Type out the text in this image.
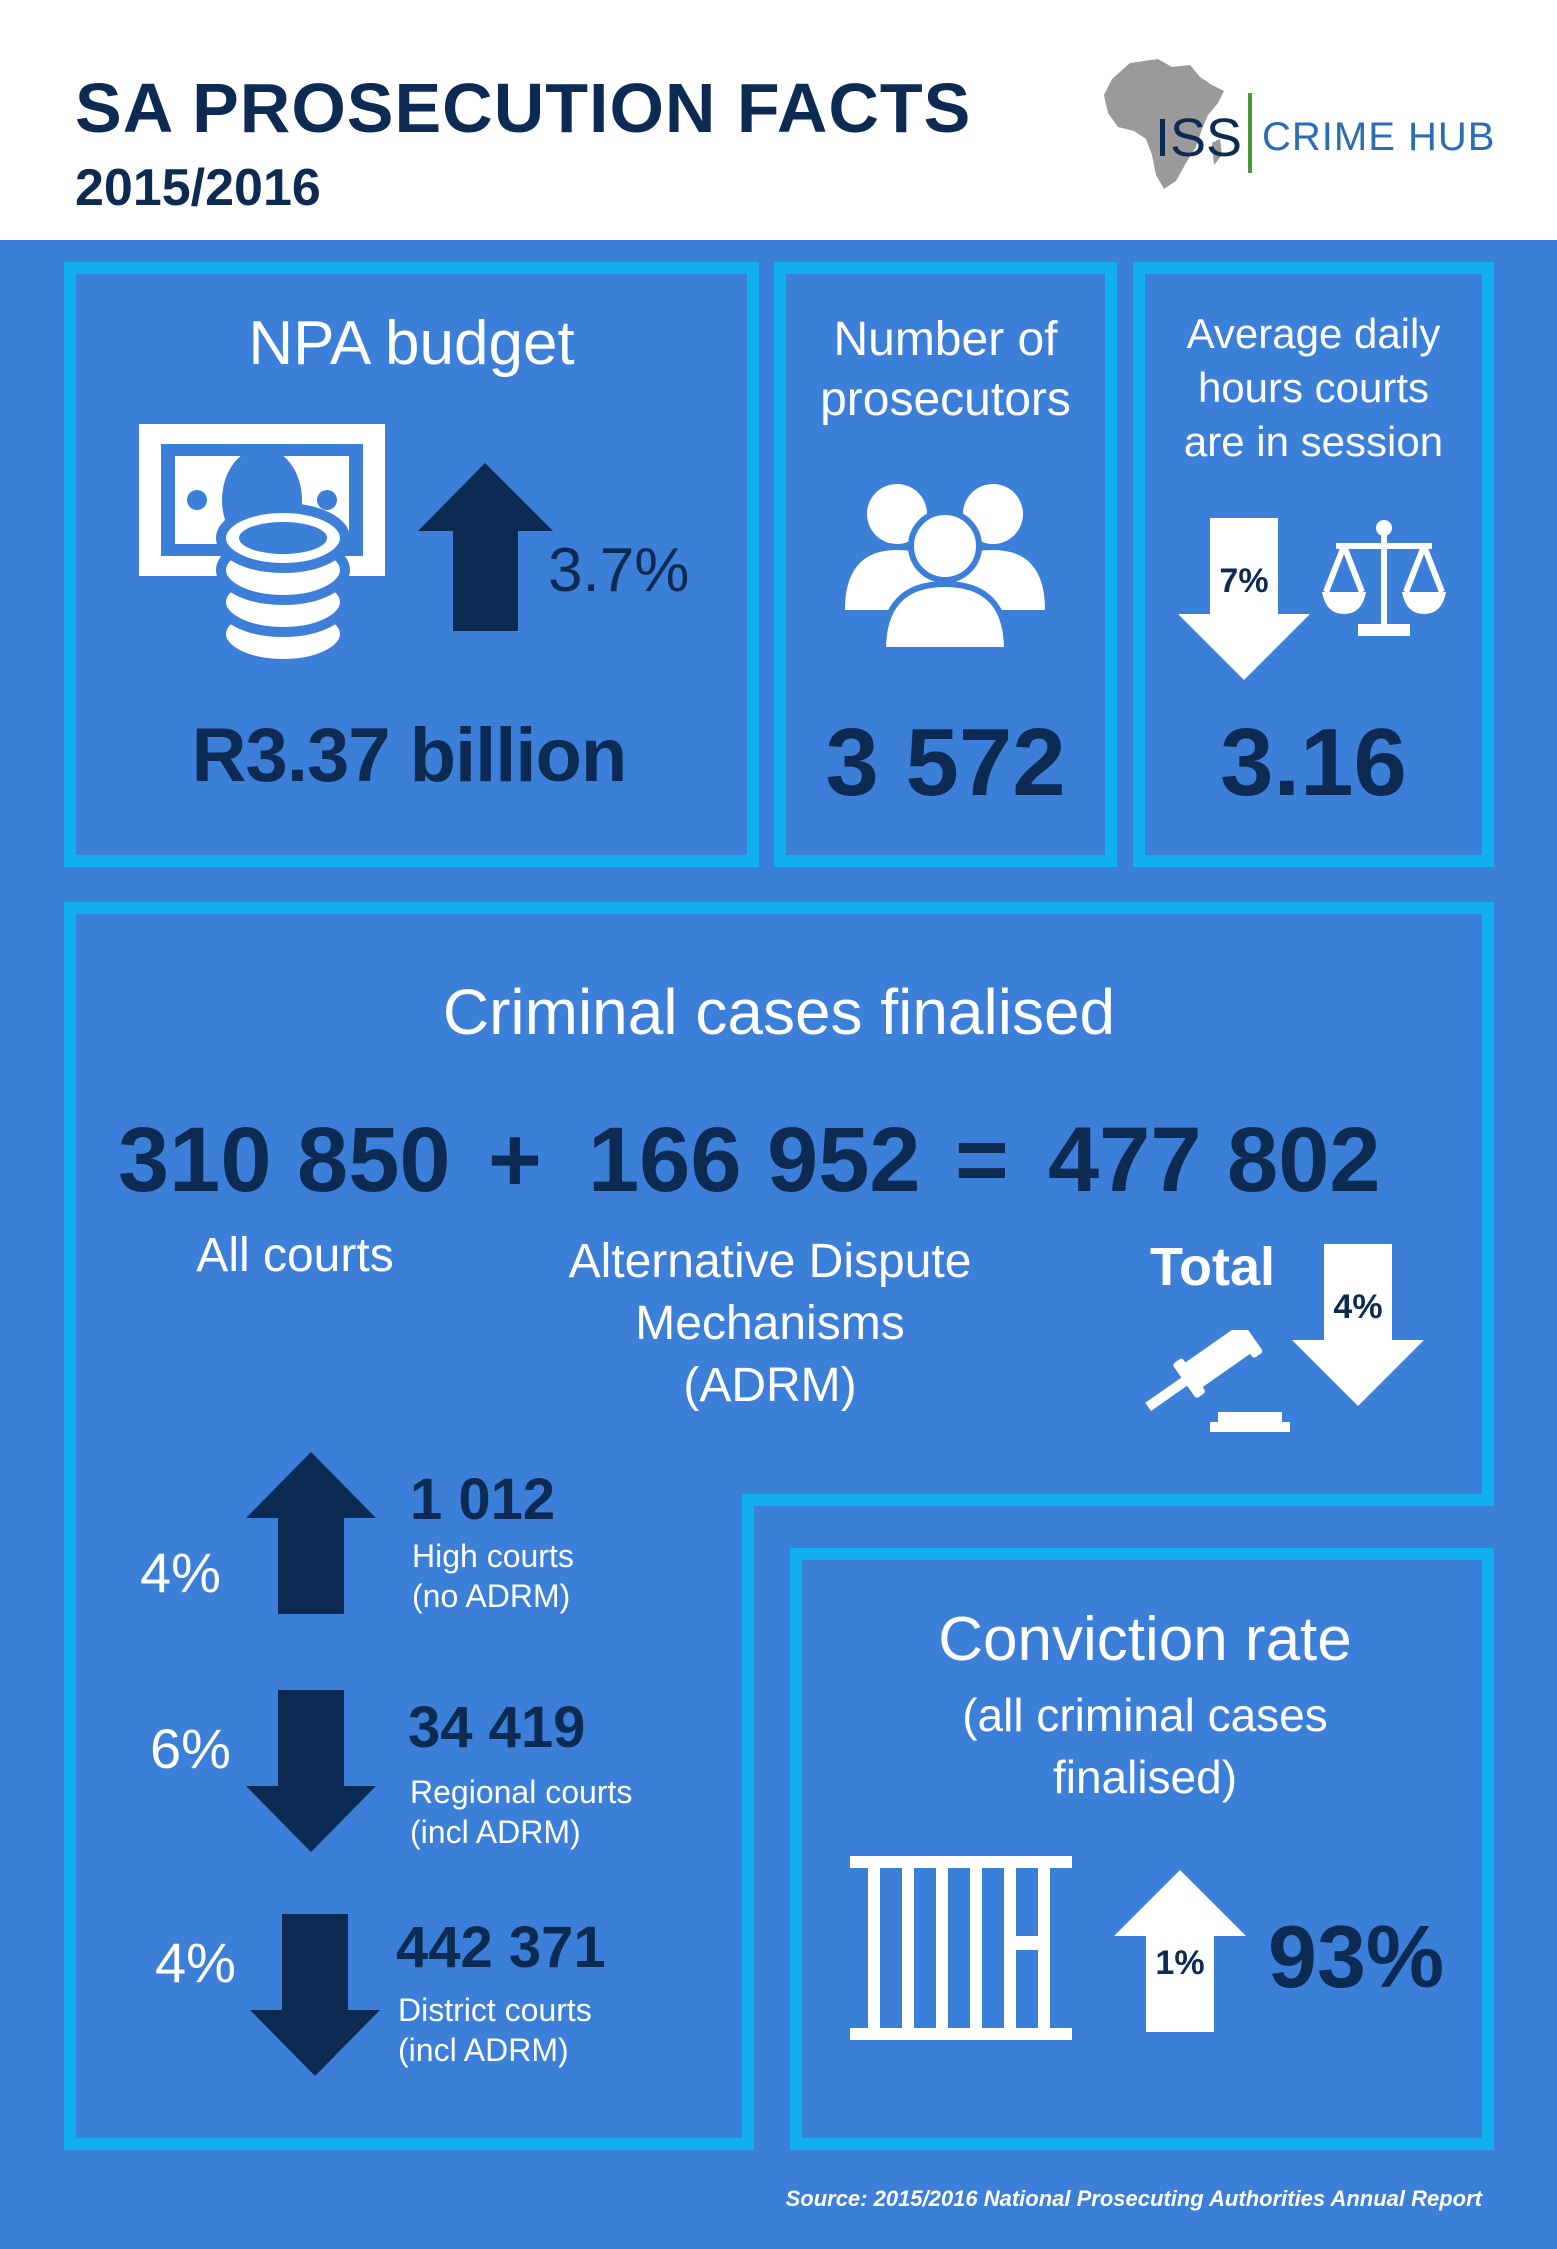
SA PROSECUTION FACTS
2015/2016
ISS CRIME HUB
NPA budget
3.7%
R3.37 billion
Number of
prosecutors
3 572
Average daily
hours courts
are in session
7%
3.16
Criminal cases finalised
310 850 + 166 952 = 477 802
All courts	Alternative Dispute
Mechanisms
(ADRM)
Total
4%
4%
1 012
High courts
(no ADRM)
6%	34 419
Regional courts
(incl ADRM)
4%	442 371
District courts
(incl ADRM)
Conviction rate
(all criminal cases
finalised)
1% 93%
Source: 2015/2016 National Prosecuting Authorities Annual Report
